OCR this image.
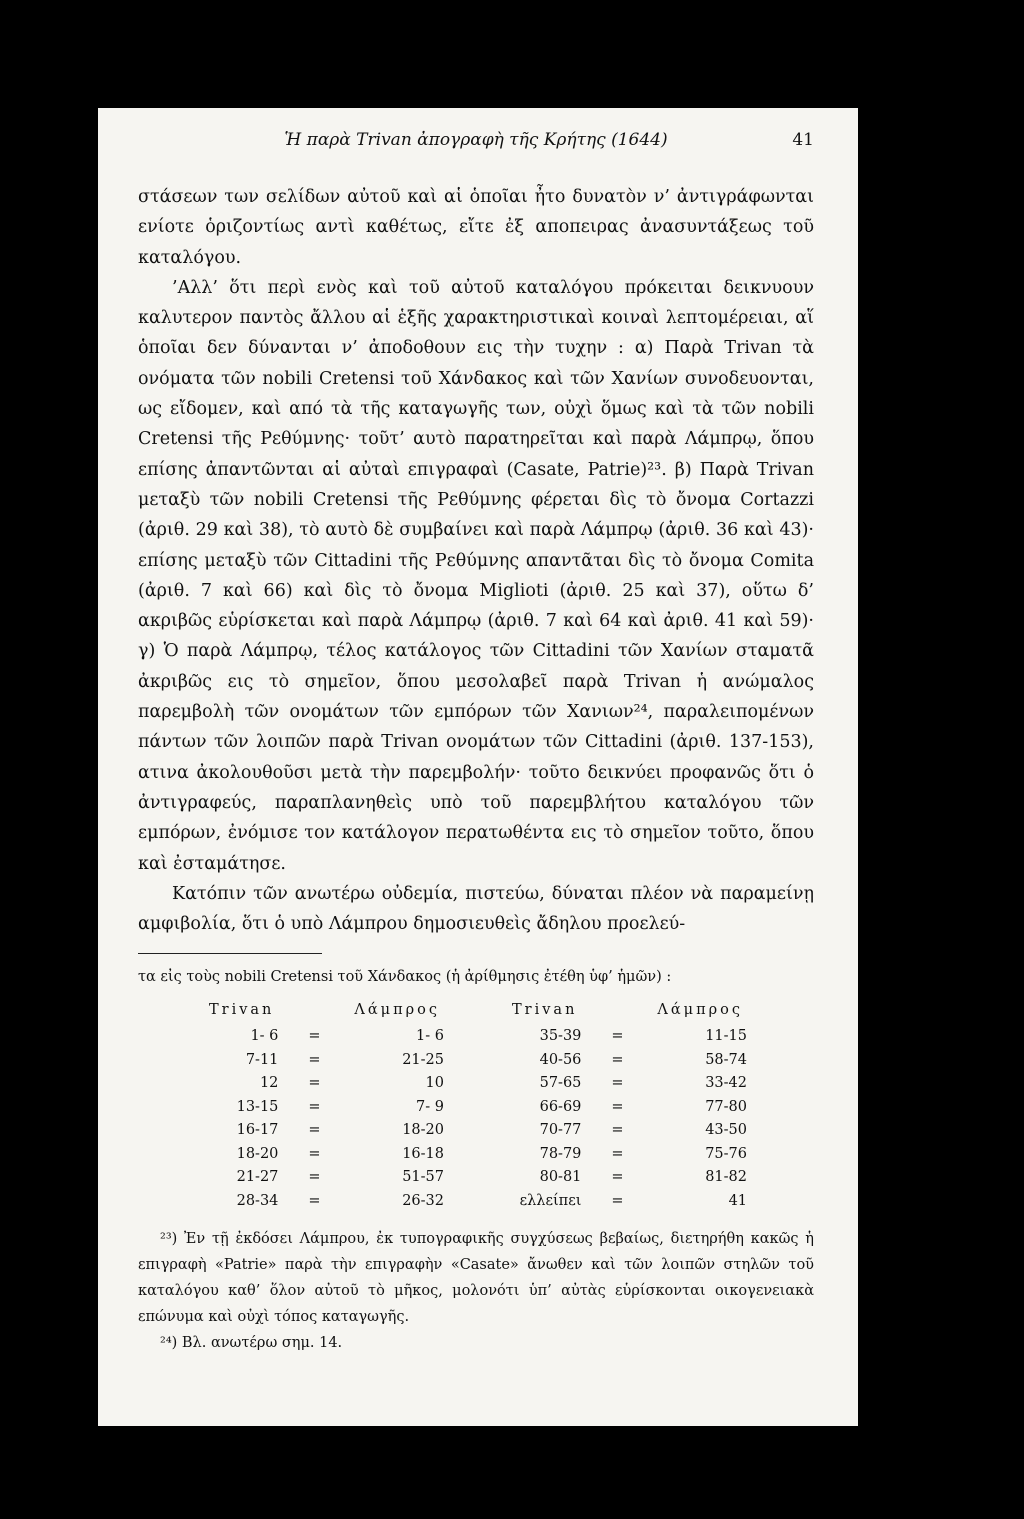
Ἡ παρὰ Trivan ἀπογραφὴ τῆς Κρήτης (1644)	41

στάσεων των σελίδων αὐτοῦ καὶ αἱ ὁποῖαι ἦτο δυνατὸν ν’ ἀντιγράφωνται ενίοτε ὁριζοντίως αντὶ καθέτως, εἴτε ἐξ αποπειρας ἀνασυντάξεως τοῦ καταλόγου.

’Αλλ’ ὅτι περὶ ενὸς καὶ τοῦ αὐτοῦ καταλόγου πρόκειται δεικνυουν καλυτερον παντὸς ἄλλου αἱ ἑξῆς χαρακτηριστικαὶ κοιναὶ λεπτομέρειαι, αἵ ὁποῖαι δεν δύνανται ν’ ἀποδοθουν εις τὴν τυχην : α) Παρὰ Trivan τὰ ονόματα τῶν nobili Cretensi τοῦ Χάνδακος καὶ τῶν Χανίων συνοδευονται, ως εἴδομεν, καὶ από τὰ τῆς καταγωγῆς των, οὐχὶ ὅμως καὶ τὰ τῶν nobili Cretensi τῆς Ρεθύμνης· τοῦτ’ αυτὸ παρατηρεῖται καὶ παρὰ Λάμπρῳ, ὅπου επίσης ἀπαντῶνται αἱ αὐταὶ επιγραφαὶ (Casate, Patrie)²³. β) Παρὰ Trivan μεταξὺ τῶν nobili Cretensi τῆς Ρεθύμνης φέρεται δὶς τὸ ὄνομα Cortazzi (ἀριθ. 29 καὶ 38), τὸ αυτὸ δὲ συμβαίνει καὶ παρὰ Λάμπρῳ (ἀριθ. 36 καὶ 43)· επίσης μεταξὺ τῶν Cittadini τῆς Ρεθύμνης απαντᾶται δὶς τὸ ὄνομα Comita (ἀριθ. 7 καὶ 66) καὶ δὶς τὸ ὄνομα Miglioti (ἀριθ. 25 καὶ 37), οὕτω δ’ ακριβῶς εὑρίσκεται καὶ παρὰ Λάμπρῳ (ἀριθ. 7 καὶ 64 καὶ ἀριθ. 41 καὶ 59)· γ) Ὁ παρὰ Λάμπρῳ, τέλος κατάλογος τῶν Cittadini τῶν Χανίων σταματᾶ ἀκριβῶς εις τὸ σημεῖον, ὅπου μεσολαβεῖ παρὰ Trivan ἡ ανώμαλος παρεμβολὴ τῶν ονομάτων τῶν εμπόρων τῶν Χανιων²⁴, παραλειπομένων πάντων τῶν λοιπῶν παρὰ Trivan ονομάτων τῶν Cittadini (ἀριθ. 137-153), ατινα ἀκολουθοῦσι μετὰ τὴν παρεμβολήν· τοῦτο δεικνύει προφανῶς ὅτι ὁ ἀντιγραφεύς, παραπλανηθεὶς υπὸ τοῦ παρεμβλήτου καταλόγου τῶν εμπόρων, ἐνόμισε τον κατάλογον περατωθέντα εις τὸ σημεῖον τοῦτο, ὅπου καὶ ἐσταμάτησε.

Κατόπιν τῶν ανωτέρω οὐδεμία, πιστεύω, δύναται πλέον νὰ παραμείνῃ αμφιβολία, ὅτι ὁ υπὸ Λάμπρου δημοσιευθεὶς ἄδηλου προελεύ-

τα εἰς τοὺς nobili Cretensi τοῦ Χάνδακος (ἡ ἀρίθμησις ἐτέθη ὑφ’ ἡμῶν) :

Trivan		Λάμπρος		Trivan		Λάμπρος
1- 6	=	1- 6		35-39	=	11-15
7-11	=	21-25		40-56	=	58-74
12	=	10		57-65	=	33-42
13-15	=	7- 9		66-69	=	77-80
16-17	=	18-20		70-77	=	43-50
18-20	=	16-18		78-79	=	75-76
21-27	=	51-57		80-81	=	81-82
28-34	=	26-32		ελλείπει	=	41

²³) Ἐν τῇ ἐκδόσει Λάμπρου, ἐκ τυπογραφικῆς συγχύσεως βεβαίως, διετηρήθη κακῶς ἡ επιγραφὴ «Patrie» παρὰ τὴν επιγραφὴν «Casate» ἄνωθεν καὶ τῶν λοιπῶν στηλῶν τοῦ καταλόγου καθ’ ὅλον αὐτοῦ τὸ μῆκος, μολονότι ὑπ’ αὐτὰς εὑρίσκονται οικογενειακὰ επώνυμα καὶ οὐχὶ τόπος καταγωγῆς.

²⁴) Βλ. ανωτέρω σημ. 14.
